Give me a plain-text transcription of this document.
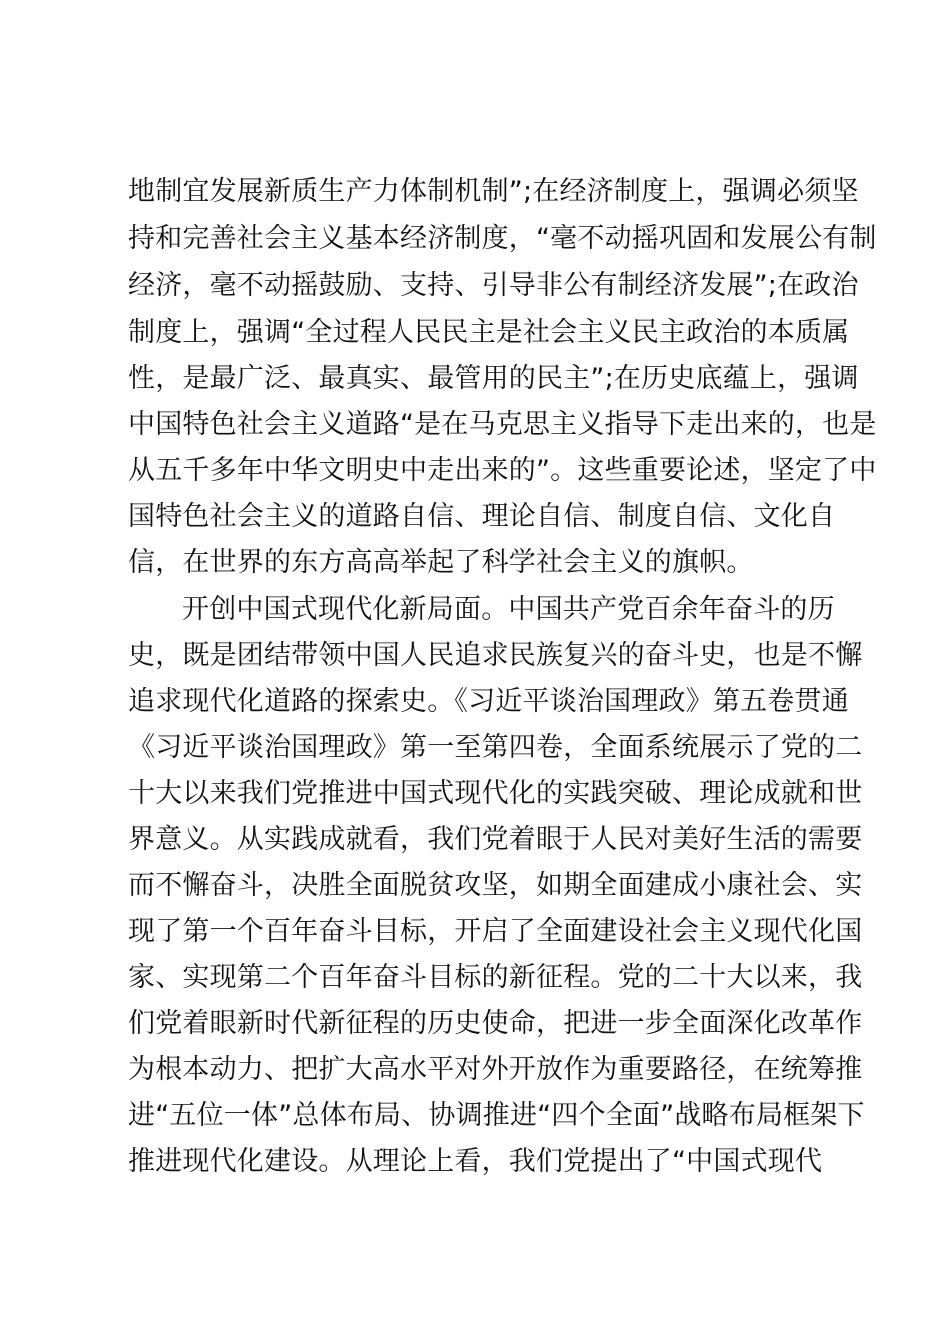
地制宜发展新质生产力体制机制”;在经济制度上，强调必须坚
持和完善社会主义基本经济制度，“毫不动摇巩固和发展公有制
经济，毫不动摇鼓励、支持、引导非公有制经济发展”;在政治
制度上，强调“全过程人民民主是社会主义民主政治的本质属
性，是最广泛、最真实、最管用的民主”;在历史底蕴上，强调
中国特色社会主义道路“是在马克思主义指导下走出来的，也是
从五千多年中华文明史中走出来的”。这些重要论述，坚定了中
国特色社会主义的道路自信、理论自信、制度自信、文化自
信，在世界的东方高高举起了科学社会主义的旗帜。
开创中国式现代化新局面。中国共产党百余年奋斗的历
史，既是团结带领中国人民追求民族复兴的奋斗史，也是不懈
追求现代化道路的探索史。《习近平谈治国理政》第五卷贯通
《习近平谈治国理政》第一至第四卷，全面系统展示了党的二
十大以来我们党推进中国式现代化的实践突破、理论成就和世
界意义。从实践成就看，我们党着眼于人民对美好生活的需要
而不懈奋斗，决胜全面脱贫攻坚，如期全面建成小康社会、实
现了第一个百年奋斗目标，开启了全面建设社会主义现代化国
家、实现第二个百年奋斗目标的新征程。党的二十大以来，我
们党着眼新时代新征程的历史使命，把进一步全面深化改革作
为根本动力、把扩大高水平对外开放作为重要路径，在统筹推
进“五位一体”总体布局、协调推进“四个全面”战略布局框架下
推进现代化建设。从理论上看，我们党提出了“中国式现代
